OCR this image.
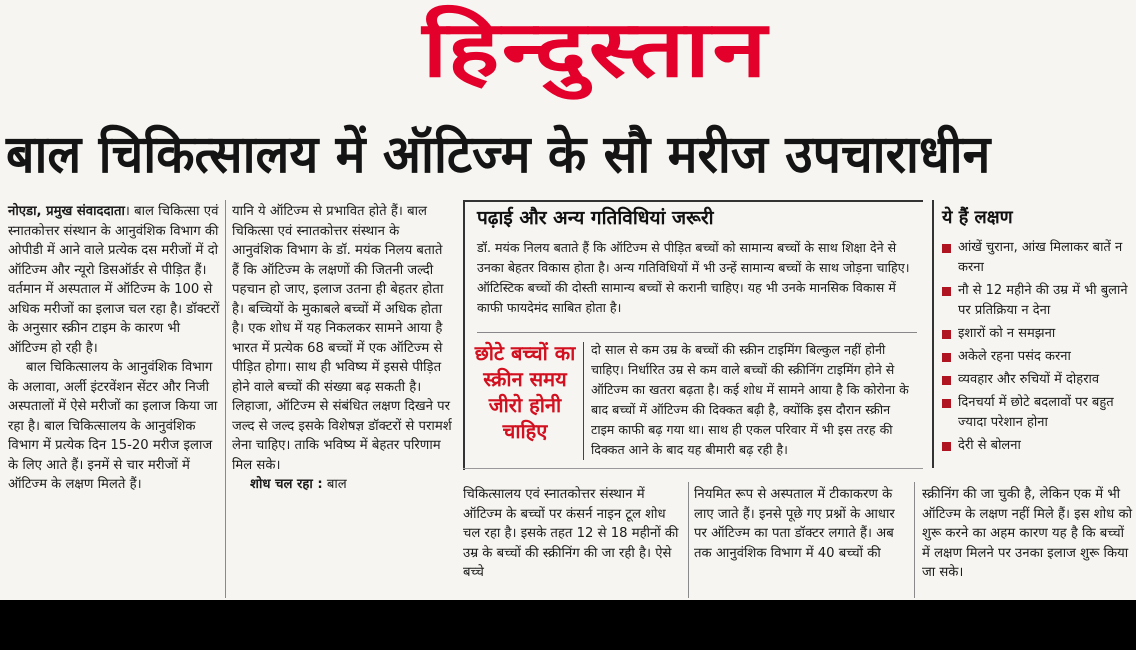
हिन्दुस्तान
बाल चिकित्सालय में ऑटिज्म के सौ मरीज उपचाराधीन

नोएडा, प्रमुख संवाददाता। बाल चिकित्सा एवं स्नातकोत्तर संस्थान के आनुवंशिक विभाग की ओपीडी में आने वाले प्रत्येक दस मरीजों में दो ऑटिज्म और न्यूरो डिसऑर्डर से पीड़ित हैं। वर्तमान में अस्पताल में ऑटिज्म के 100 से अधिक मरीजों का इलाज चल रहा है। डॉक्टरों के अनुसार स्क्रीन टाइम के कारण भी ऑटिज्म हो रही है।

बाल चिकित्सालय के आनुवंशिक विभाग के अलावा, अर्ली इंटरवेंशन सेंटर और निजी अस्पतालों में ऐसे मरीजों का इलाज किया जा रहा है। बाल चिकित्सालय के आनुवंशिक विभाग में प्रत्येक दिन 15-20 मरीज इलाज के लिए आते हैं। इनमें से चार मरीजों में ऑटिज्म के लक्षण मिलते हैं।

यानि ये ऑटिज्म से प्रभावित होते हैं। बाल चिकित्सा एवं स्नातकोत्तर संस्थान के आनुवंशिक विभाग के डॉ. मयंक निलय बताते हैं कि ऑटिज्म के लक्षणों की जितनी जल्दी पहचान हो जाए, इलाज उतना ही बेहतर होता है। बच्चियों के मुकाबले बच्चों में अधिक होता है। एक शोध में यह निकलकर सामने आया है भारत में प्रत्येक 68 बच्चों में एक ऑटिज्म से पीड़ित होगा। साथ ही भविष्य में इससे पीड़ित होने वाले बच्चों की संख्या बढ़ सकती है। लिहाजा, ऑटिज्म से संबंधित लक्षण दिखने पर जल्द से जल्द इसके विशेषज्ञ डॉक्टरों से परामर्श लेना चाहिए। ताकि भविष्य में बेहतर परिणाम मिल सके।

शोध चल रहा : बाल

पढ़ाई और अन्य गतिविधियां जरूरी
डॉ. मयंक निलय बताते हैं कि ऑटिज्म से पीड़ित बच्चों को सामान्य बच्चों के साथ शिक्षा देने से उनका बेहतर विकास होता है। अन्य गतिविधियों में भी उन्हें सामान्य बच्चों के साथ जोड़ना चाहिए। ऑटिस्टिक बच्चों की दोस्ती सामान्य बच्चों से करानी चाहिए। यह भी उनके मानसिक विकास में काफी फायदेमंद साबित होता है।
छोटे बच्चों का स्क्रीन समय जीरो होनी चाहिए
दो साल से कम उम्र के बच्चों की स्क्रीन टाइमिंग बिल्कुल नहीं होनी चाहिए। निर्धारित उम्र से कम वाले बच्चों की स्क्रीनिंग टाइमिंग होने से ऑटिज्म का खतरा बढ़ता है। कई शोध में सामने आया है कि कोरोना के बाद बच्चों में ऑटिज्म की दिक्कत बढ़ी है, क्योंकि इस दौरान स्क्रीन टाइम काफी बढ़ गया था। साथ ही एकल परिवार में भी इस तरह की दिक्कत आने के बाद यह बीमारी बढ़ रही है।
ये हैं लक्षण
आंखें चुराना, आंख मिलाकर बातें न करना
नौ से 12 महीने की उम्र में भी बुलाने पर प्रतिक्रिया न देना
इशारों को न समझना
अकेले रहना पसंद करना
व्यवहार और रुचियों में दोहराव
दिनचर्या में छोटे बदलावों पर बहुत ज्यादा परेशान होना
देरी से बोलना

चिकित्सालय एवं स्नातकोत्तर संस्थान में ऑटिज्म के बच्चों पर कंसर्न नाइन टूल शोध चल रहा है। इसके तहत 12 से 18 महीनों की उम्र के बच्चों की स्क्रीनिंग की जा रही है। ऐसे बच्चे

नियमित रूप से अस्पताल में टीकाकरण के लाए जाते हैं। इनसे पूछे गए प्रश्नों के आधार पर ऑटिज्म का पता डॉक्टर लगाते हैं। अब तक आनुवंशिक विभाग में 40 बच्चों की

स्क्रीनिंग की जा चुकी है, लेकिन एक में भी ऑटिज्म के लक्षण नहीं मिले हैं। इस शोध को शुरू करने का अहम कारण यह है कि बच्चों में लक्षण मिलने पर उनका इलाज शुरू किया जा सके।
